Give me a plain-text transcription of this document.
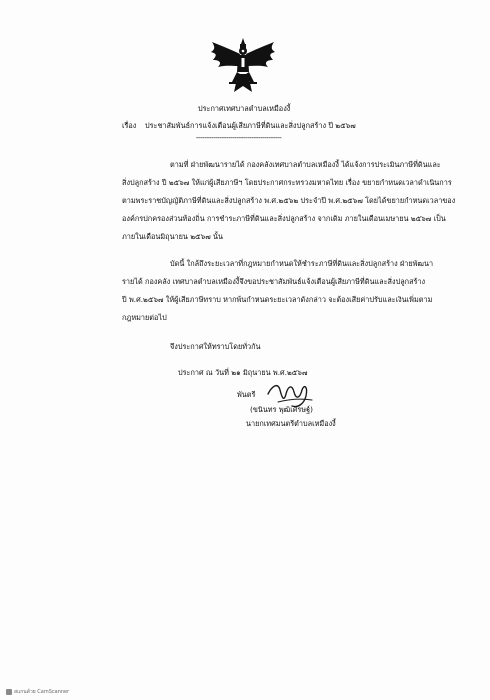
ประกาศเทศบาลตำบลเหมืองงี้
เรื่อง ประชาสัมพันธ์การแจ้งเตือนผู้เสียภาษีที่ดินและสิ่งปลูกสร้าง ปี ๒๕๖๗
----------------------------------------
ตามที่ ฝ่ายพัฒนารายได้ กองคลังเทศบาลตำบลเหมืองงี้ ได้แจ้งการประเมินภาษีที่ดินและ
สิ่งปลูกสร้าง ปี ๒๕๖๗ ให้แก่ผู้เสียภาษีฯ โดยประกาศกระทรวงมหาดไทย เรื่อง ขยายกำหนดเวลาดำเนินการ
ตามพระราชบัญญัติภาษีที่ดินและสิ่งปลูกสร้าง พ.ศ.๒๕๖๒ ประจำปี พ.ศ.๒๕๖๗ โดยได้ขยายกำหนดเวลาของ
องค์กรปกครองส่วนท้องถิ่น การชำระภาษีที่ดินและสิ่งปลูกสร้าง จากเดิม ภายในเดือนเมษายน ๒๕๖๗ เป็น
ภายในเดือนมิถุนายน ๒๕๖๗ นั้น
บัดนี้ ใกล้ถึงระยะเวลาที่กฎหมายกำหนดให้ชำระภาษีที่ดินและสิ่งปลูกสร้าง ฝ่ายพัฒนา
รายได้ กองคลัง เทศบาลตำบลเหมืองงี้จึงขอประชาสัมพันธ์แจ้งเตือนผู้เสียภาษีที่ดินและสิ่งปลูกสร้าง
ปี พ.ศ.๒๕๖๗ ให้ผู้เสียภาษีทราบ หากพ้นกำหนดระยะเวลาดังกล่าว จะต้องเสียค่าปรับและเงินเพิ่มตาม
กฎหมายต่อไป
จึงประกาศให้ทราบโดยทั่วกัน
ประกาศ ณ วันที่ ๒๑ มิถุนายน พ.ศ.๒๕๖๗
พันตรี
(ขนินทร พุฒิเศรษฐ์)
นายกเทศมนตรีตำบลเหมืองงี้
สแกนด้วย CamScanner
